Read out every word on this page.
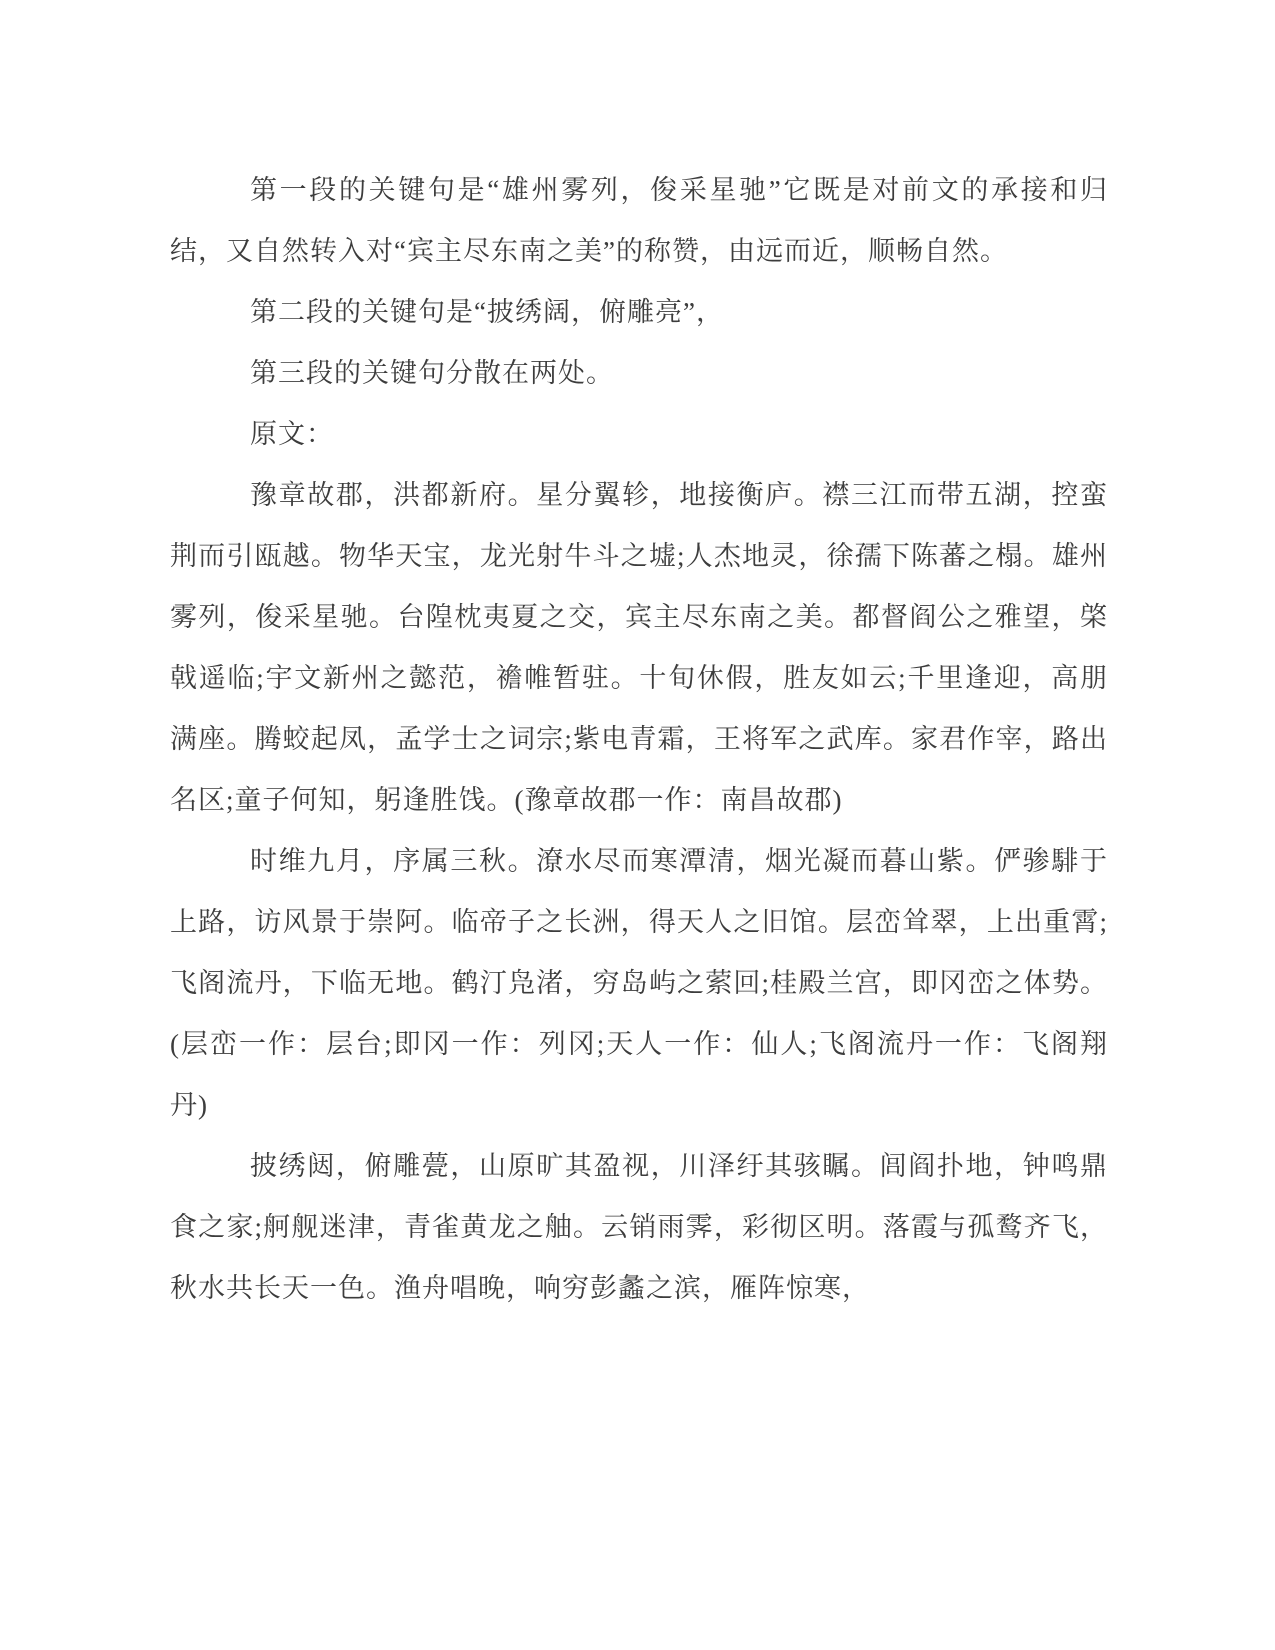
第一段的关键句是“雄州雾列，俊采星驰”它既是对前文的承接和归结，又自然转入对“宾主尽东南之美”的称赞，由远而近，顺畅自然。

第二段的关键句是“披绣阔，俯雕亮”，

第三段的关键句分散在两处。

原文：

豫章故郡，洪都新府。星分翼轸，地接衡庐。襟三江而带五湖，控蛮荆而引瓯越。物华天宝，龙光射牛斗之墟;人杰地灵，徐孺下陈蕃之榻。雄州雾列，俊采星驰。台隍枕夷夏之交，宾主尽东南之美。都督阎公之雅望，棨戟遥临;宇文新州之懿范，襜帷暂驻。十旬休假，胜友如云;千里逢迎，高朋满座。腾蛟起凤，孟学士之词宗;紫电青霜，王将军之武库。家君作宰，路出名区;童子何知，躬逢胜饯。(豫章故郡一作：南昌故郡)

时维九月，序属三秋。潦水尽而寒潭清，烟光凝而暮山紫。俨骖騑于上路，访风景于崇阿。临帝子之长洲，得天人之旧馆。层峦耸翠，上出重霄;飞阁流丹，下临无地。鹤汀凫渚，穷岛屿之萦回;桂殿兰宫，即冈峦之体势。(层峦一作：层台;即冈一作：列冈;天人一作：仙人;飞阁流丹一作：飞阁翔丹)

披绣闼，俯雕甍，山原旷其盈视，川泽纡其骇瞩。闾阎扑地，钟鸣鼎食之家;舸舰迷津，青雀黄龙之舳。云销雨霁，彩彻区明。落霞与孤鹜齐飞，秋水共长天一色。渔舟唱晚，响穷彭蠡之滨，雁阵惊寒，
